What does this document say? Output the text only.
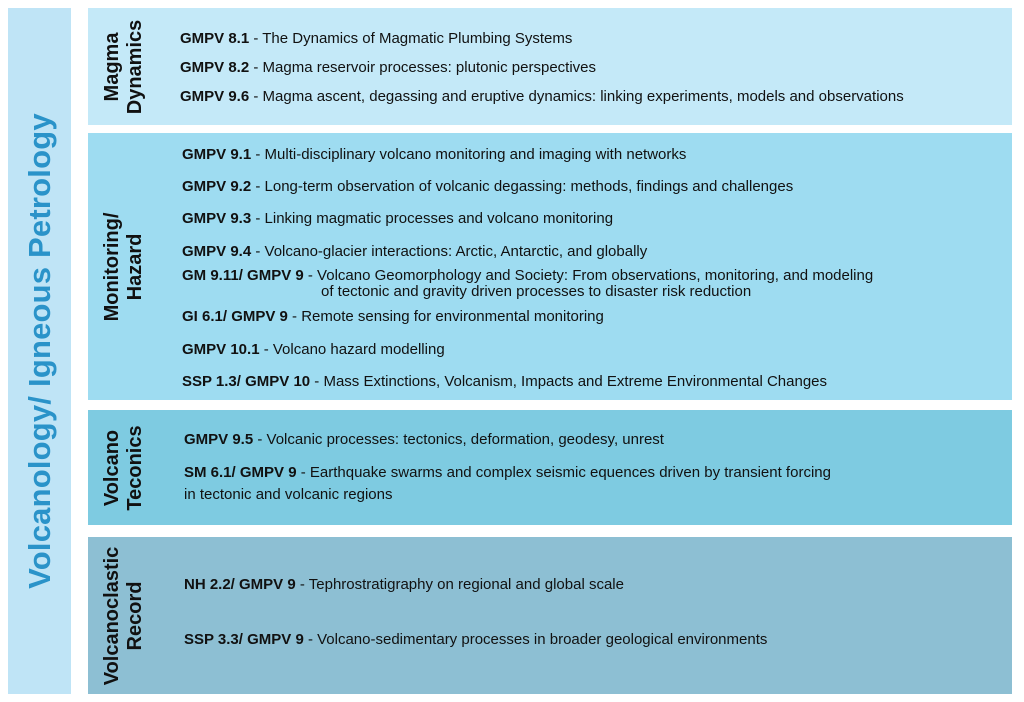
Volcanology/ Igneous Petrology
Magma Dynamics GMPV 8.1 - The Dynamics of Magmatic Plumbing Systems
GMPV 8.2 - Magma reservoir processes: plutonic perspectives
GMPV 9.6 - Magma ascent, degassing and eruptive dynamics: linking experiments, models and observations
Monitoring/ Hazard
GMPV 9.1 - Multi-disciplinary volcano monitoring and imaging with networks
GMPV 9.2 - Long-term observation of volcanic degassing: methods, findings and challenges
GMPV 9.3 - Linking magmatic processes and volcano monitoring
GMPV 9.4 - Volcano-glacier interactions: Arctic, Antarctic, and globally
GM 9.11/ GMPV 9 - Volcano Geomorphology and Society: From observations, monitoring, and modeling
of tectonic and gravity driven processes to disaster risk reduction
GI 6.1/ GMPV 9 - Remote sensing for environmental monitoring
GMPV 10.1 - Volcano hazard modelling
SSP 1.3/ GMPV 10 - Mass Extinctions, Volcanism, Impacts and Extreme Environmental Changes
Volcano Teconics	GMPV 9.5 - Volcanic processes: tectonics, deformation, geodesy, unrest
SM 6.1/ GMPV 9 - Earthquake swarms and complex seismic equences driven by transient forcing
in tectonic and volcanic regions
Volcanoclastic Record	NH 2.2/ GMPV 9 - Tephrostratigraphy on regional and global scale
SSP 3.3/ GMPV 9 - Volcano-sedimentary processes in broader geological environments
